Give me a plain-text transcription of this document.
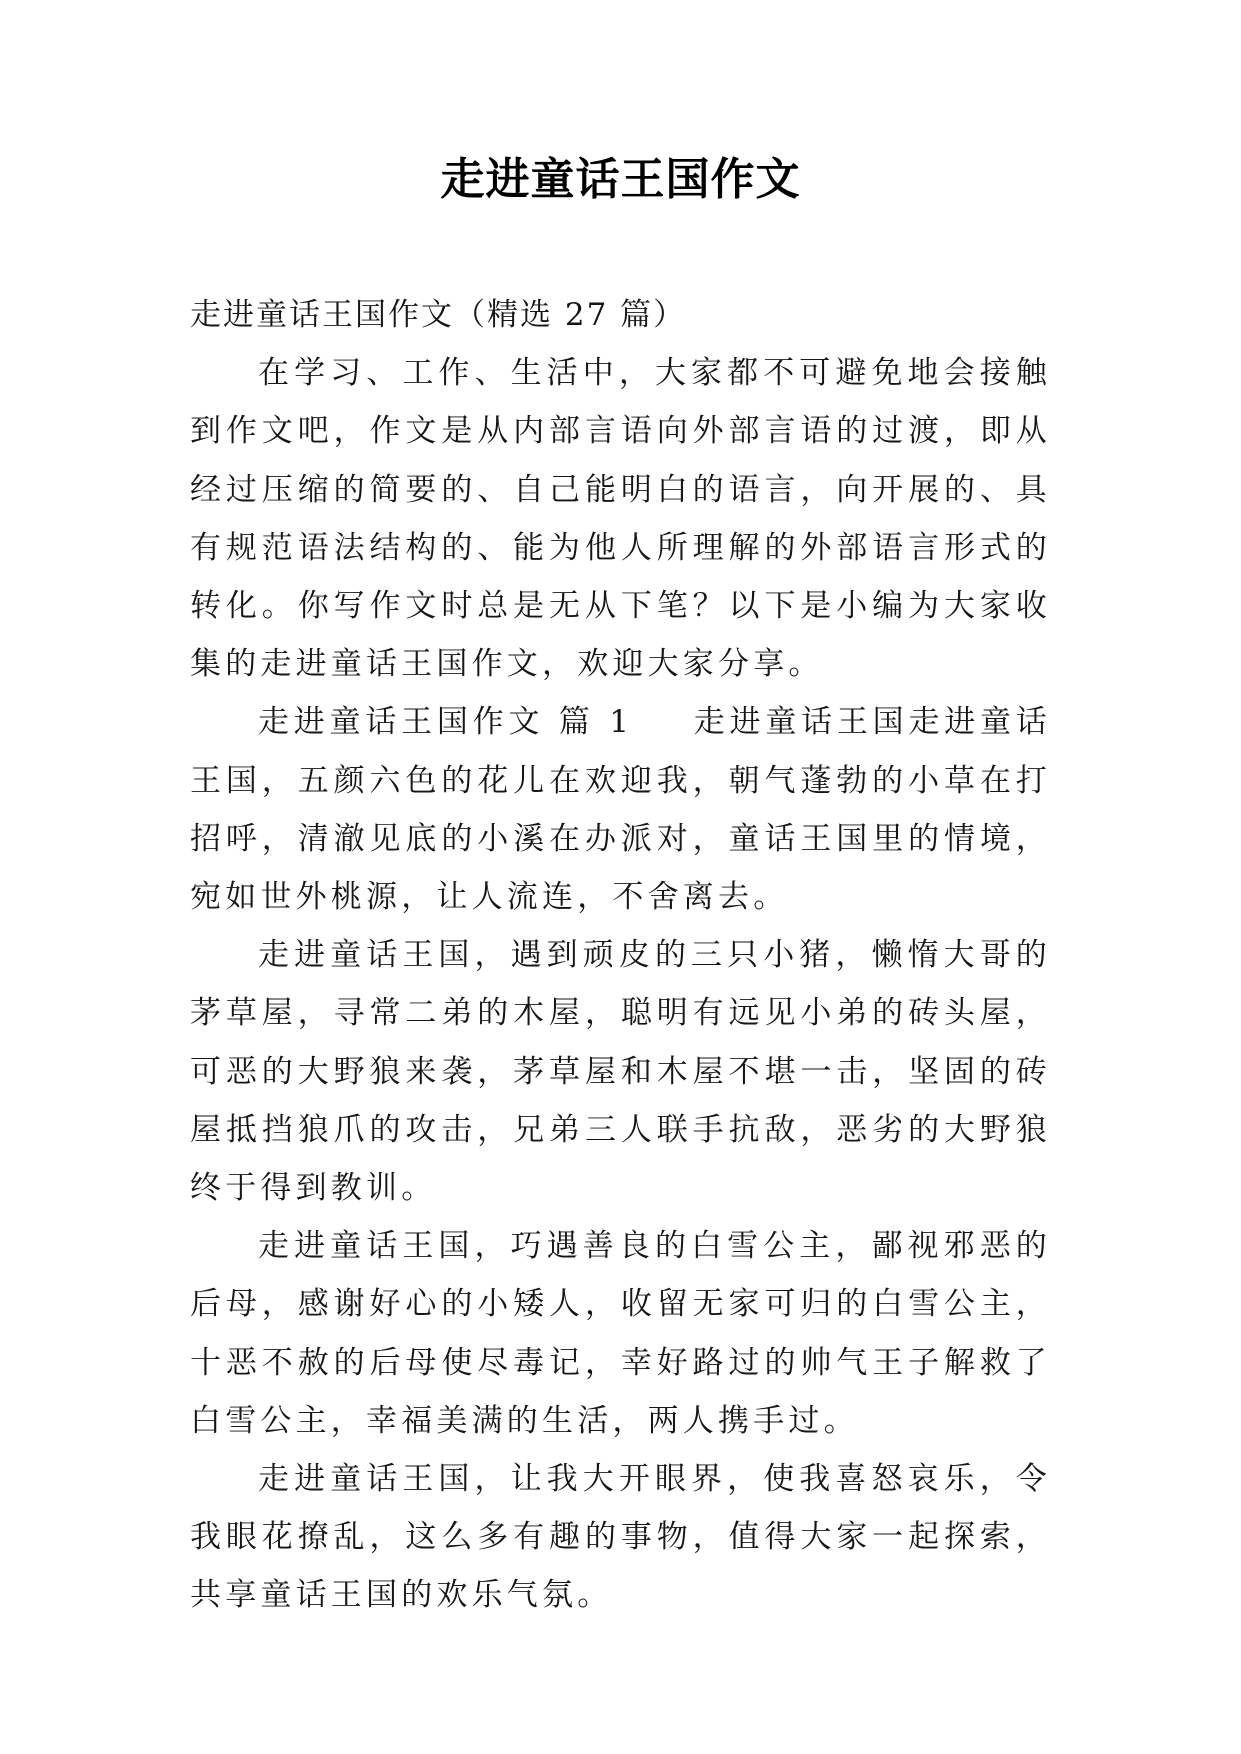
走进童话王国作文

走进童话王国作文（精选 27 篇）

在学习、工作、生活中，大家都不可避免地会接触到作文吧，作文是从内部言语向外部言语的过渡，即从经过压缩的简要的、自己能明白的语言，向开展的、具有规范语法结构的、能为他人所理解的外部语言形式的转化。你写作文时总是无从下笔？以下是小编为大家收集的走进童话王国作文，欢迎大家分享。

走进童话王国作文 篇 1 走进童话王国走进童话王国，五颜六色的花儿在欢迎我，朝气蓬勃的小草在打招呼，清澈见底的小溪在办派对，童话王国里的情境，宛如世外桃源，让人流连，不舍离去。

走进童话王国，遇到顽皮的三只小猪，懒惰大哥的茅草屋，寻常二弟的木屋，聪明有远见小弟的砖头屋，可恶的大野狼来袭，茅草屋和木屋不堪一击，坚固的砖屋抵挡狼爪的攻击，兄弟三人联手抗敌，恶劣的大野狼终于得到教训。

走进童话王国，巧遇善良的白雪公主，鄙视邪恶的后母，感谢好心的小矮人，收留无家可归的白雪公主，十恶不赦的后母使尽毒记，幸好路过的帅气王子解救了白雪公主，幸福美满的生活，两人携手过。

走进童话王国，让我大开眼界，使我喜怒哀乐，令我眼花撩乱，这么多有趣的事物，值得大家一起探索，共享童话王国的欢乐气氛。
